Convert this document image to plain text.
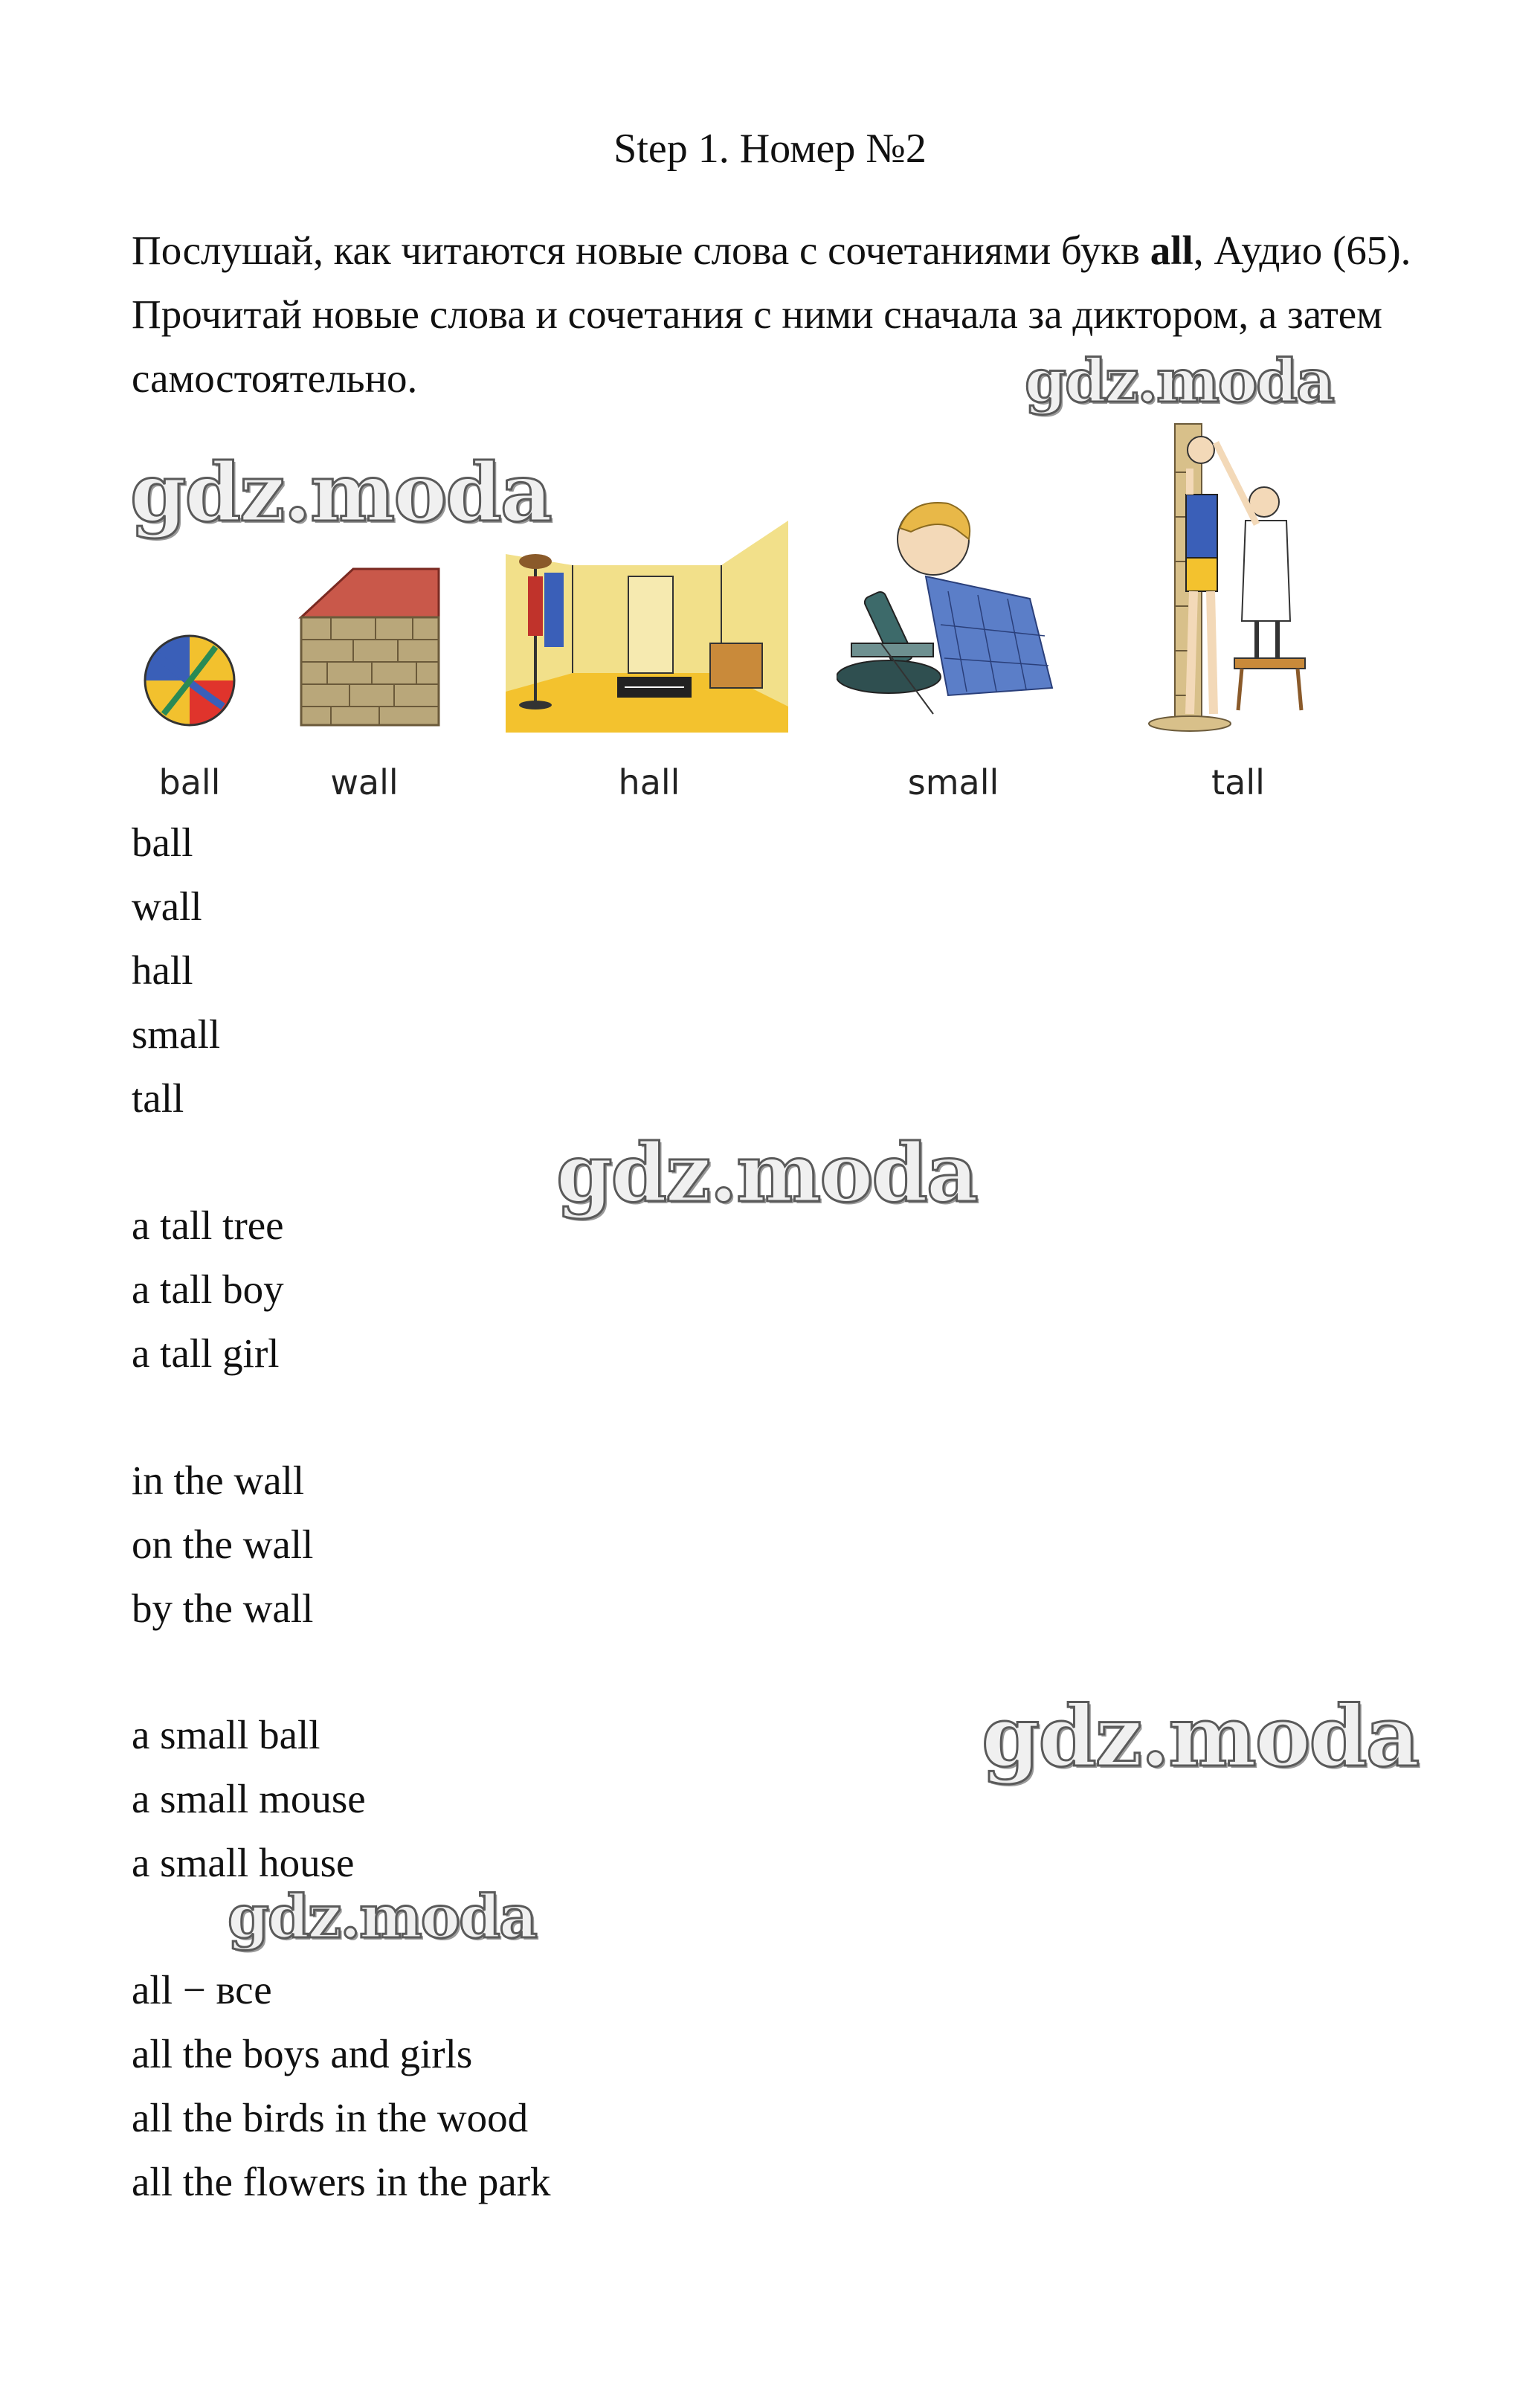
Step 1. Номер №2

Послушай, как читаются новые слова с сочетаниями букв all, Аудио (65). Прочитай новые слова и сочетания с ними сначала за диктором, а затем самостоятельно.	gdz.moda
gdz.moda
ball	wall	hall	small	tall
ball
wall
hall
small
tall
gdz.moda
a tall tree
a tall boy
a tall girl
in the wall
on the wall
by the wall
gdz.moda
a small ball
a small mouse
a small house
gdz.moda
all − все
all the boys and girls
all the birds in the wood
all the flowers in the park
